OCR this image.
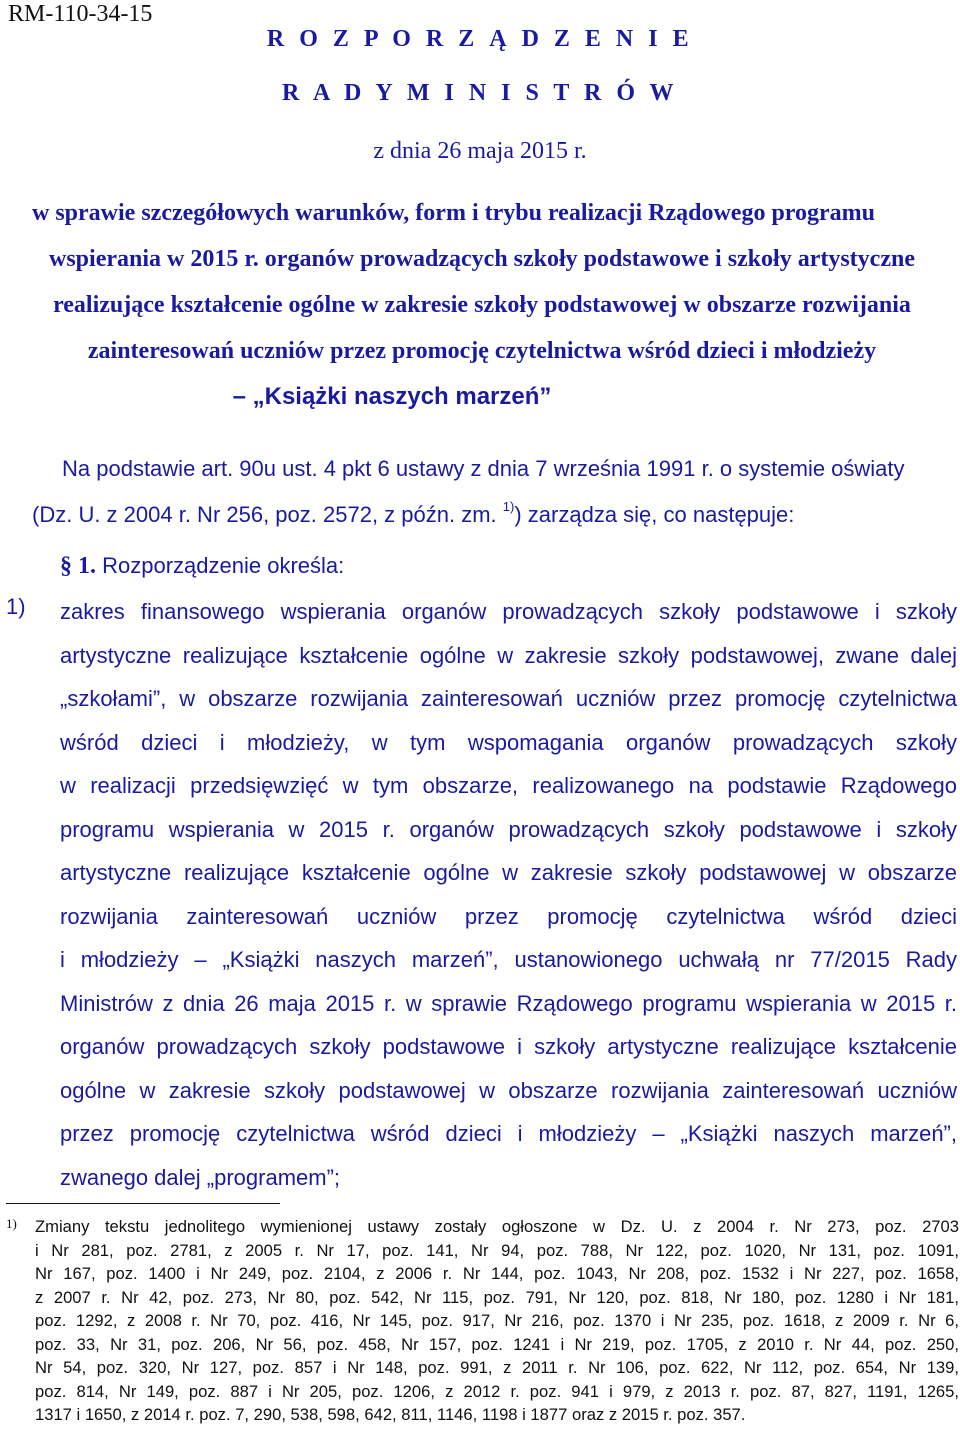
RM-110-34-15
R O Z P O R Z Ą D Z E N I E
R A D Y M I N I S T R Ó W
z dnia 26 maja 2015 r.
w sprawie szczegółowych warunków, form i trybu realizacji Rządowego programu
wspierania w 2015 r. organów prowadzących szkoły podstawowe i szkoły artystyczne
realizujące kształcenie ogólne w zakresie szkoły podstawowej w obszarze rozwijania
zainteresowań uczniów przez promocję czytelnictwa wśród dzieci i młodzieży
– „Książki naszych marzeń”
Na podstawie art. 90u ust. 4 pkt 6 ustawy z dnia 7 września 1991 r. o systemie oświaty
(Dz. U. z 2004 r. Nr 256, poz. 2572, z późn. zm. $^{1)}$) zarządza się, co następuje:
§ 1. Rozporządzenie określa:
1) zakres finansowego wspierania organów prowadzących szkoły podstawowe i szkoły
artystyczne realizujące kształcenie ogólne w zakresie szkoły podstawowej, zwane dalej
„szkołami”, w obszarze rozwijania zainteresowań uczniów przez promocję czytelnictwa
wśród dzieci i młodzieży, w tym wspomagania organów prowadzących szkoły
w realizacji przedsięwzięć w tym obszarze, realizowanego na podstawie Rządowego
programu wspierania w 2015 r. organów prowadzących szkoły podstawowe i szkoły
artystyczne realizujące kształcenie ogólne w zakresie szkoły podstawowej w obszarze
rozwijania zainteresowań uczniów przez promocję czytelnictwa wśród dzieci
i młodzieży – „Książki naszych marzeń”, ustanowionego uchwałą nr 77/2015 Rady
Ministrów z dnia 26 maja 2015 r. w sprawie Rządowego programu wspierania w 2015 r.
organów prowadzących szkoły podstawowe i szkoły artystyczne realizujące kształcenie
ogólne w zakresie szkoły podstawowej w obszarze rozwijania zainteresowań uczniów
przez promocję czytelnictwa wśród dzieci i młodzieży – „Książki naszych marzeń”,
zwanego dalej „programem”;
1) Zmiany tekstu jednolitego wymienionej ustawy zostały ogłoszone w Dz. U. z 2004 r. Nr 273, poz. 2703
i Nr 281, poz. 2781, z 2005 r. Nr 17, poz. 141, Nr 94, poz. 788, Nr 122, poz. 1020, Nr 131, poz. 1091,
Nr 167, poz. 1400 i Nr 249, poz. 2104, z 2006 r. Nr 144, poz. 1043, Nr 208, poz. 1532 i Nr 227, poz. 1658,
z 2007 r. Nr 42, poz. 273, Nr 80, poz. 542, Nr 115, poz. 791, Nr 120, poz. 818, Nr 180, poz. 1280 i Nr 181,
poz. 1292, z 2008 r. Nr 70, poz. 416, Nr 145, poz. 917, Nr 216, poz. 1370 i Nr 235, poz. 1618, z 2009 r. Nr 6,
poz. 33, Nr 31, poz. 206, Nr 56, poz. 458, Nr 157, poz. 1241 i Nr 219, poz. 1705, z 2010 r. Nr 44, poz. 250,
Nr 54, poz. 320, Nr 127, poz. 857 i Nr 148, poz. 991, z 2011 r. Nr 106, poz. 622, Nr 112, poz. 654, Nr 139,
poz. 814, Nr 149, poz. 887 i Nr 205, poz. 1206, z 2012 r. poz. 941 i 979, z 2013 r. poz. 87, 827, 1191, 1265,
1317 i 1650, z 2014 r. poz. 7, 290, 538, 598, 642, 811, 1146, 1198 i 1877 oraz z 2015 r. poz. 357.
